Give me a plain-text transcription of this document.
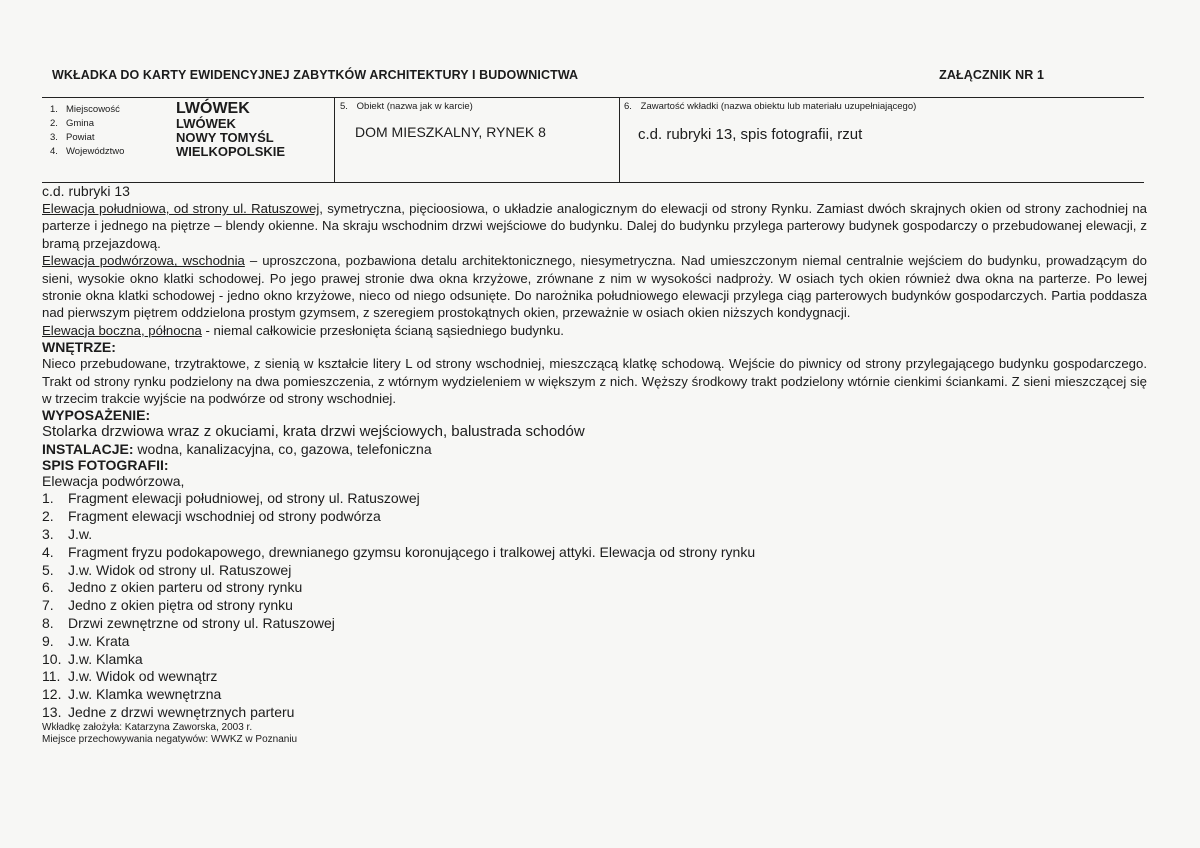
WKŁADKA DO KARTY EWIDENCYJNEJ ZABYTKÓW ARCHITEKTURY I BUDOWNICTWA	ZAŁĄCZNIK NR 1
1. Miejscowość	LWÓWEK
2. Gmina	LWÓWEK
3. Powiat	NOWY TOMYŚL
4. Województwo	WIELKOPOLSKIE
5. Obiekt (nazwa jak w karcie)
DOM MIESZKALNY, RYNEK 8
6. Zawartość wkładki (nazwa obiektu lub materiału uzupełniającego)
c.d. rubryki 13, spis fotografii, rzut

c.d. rubryki 13

Elewacja południowa, od strony ul. Ratuszowej, symetryczna, pięcioosiowa, o układzie analogicznym do elewacji od strony Rynku. Zamiast dwóch skrajnych okien od strony zachodniej na parterze i jednego na piętrze – blendy okienne. Na skraju wschodnim drzwi wejściowe do budynku. Dalej do budynku przylega parterowy budynek gospodarczy o przebudowanej elewacji, z bramą przejazdową.

Elewacja podwórzowa, wschodnia – uproszczona, pozbawiona detalu architektonicznego, niesymetryczna. Nad umieszczonym niemal centralnie wejściem do budynku, prowadzącym do sieni, wysokie okno klatki schodowej. Po jego prawej stronie dwa okna krzyżowe, zrównane z nim w wysokości nadproży. W osiach tych okien również dwa okna na parterze. Po lewej stronie okna klatki schodowej - jedno okno krzyżowe, nieco od niego odsunięte. Do narożnika południowego elewacji przylega ciąg parterowych budynków gospodarczych. Partia poddasza nad pierwszym piętrem oddzielona prostym gzymsem, z szeregiem prostokątnych okien, przeważnie w osiach okien niższych kondygnacji.

Elewacja boczna, północna - niemal całkowicie przesłonięta ścianą sąsiedniego budynku.

WNĘTRZE:

Nieco przebudowane, trzytraktowe, z sienią w kształcie litery L od strony wschodniej, mieszczącą klatkę schodową. Wejście do piwnicy od strony przylegającego budynku gospodarczego. Trakt od strony rynku podzielony na dwa pomieszczenia, z wtórnym wydzieleniem w większym z nich. Węższy środkowy trakt podzielony wtórnie cienkimi ściankami. Z sieni mieszczącej się w trzecim trakcie wyjście na podwórze od strony wschodniej.

WYPOSAŻENIE:

Stolarka drzwiowa wraz z okuciami, krata drzwi wejściowych, balustrada schodów

INSTALACJE: wodna, kanalizacyjna, co, gazowa, telefoniczna

SPIS FOTOGRAFII:

Elewacja podwórzowa,

1. Fragment elewacji południowej, od strony ul. Ratuszowej
2. Fragment elewacji wschodniej od strony podwórza
3. J.w.
4. Fragment fryzu podokapowego, drewnianego gzymsu koronującego i tralkowej attyki. Elewacja od strony rynku
5. J.w. Widok od strony ul. Ratuszowej
6. Jedno z okien parteru od strony rynku
7. Jedno z okien piętra od strony rynku
8. Drzwi zewnętrzne od strony ul. Ratuszowej
9. J.w. Krata
10. J.w. Klamka
11. J.w. Widok od wewnątrz
12. J.w. Klamka wewnętrzna
13. Jedne z drzwi wewnętrznych parteru

Wkładkę założyła: Katarzyna Zaworska, 2003 r.

Miejsce przechowywania negatywów: WWKZ w Poznaniu
